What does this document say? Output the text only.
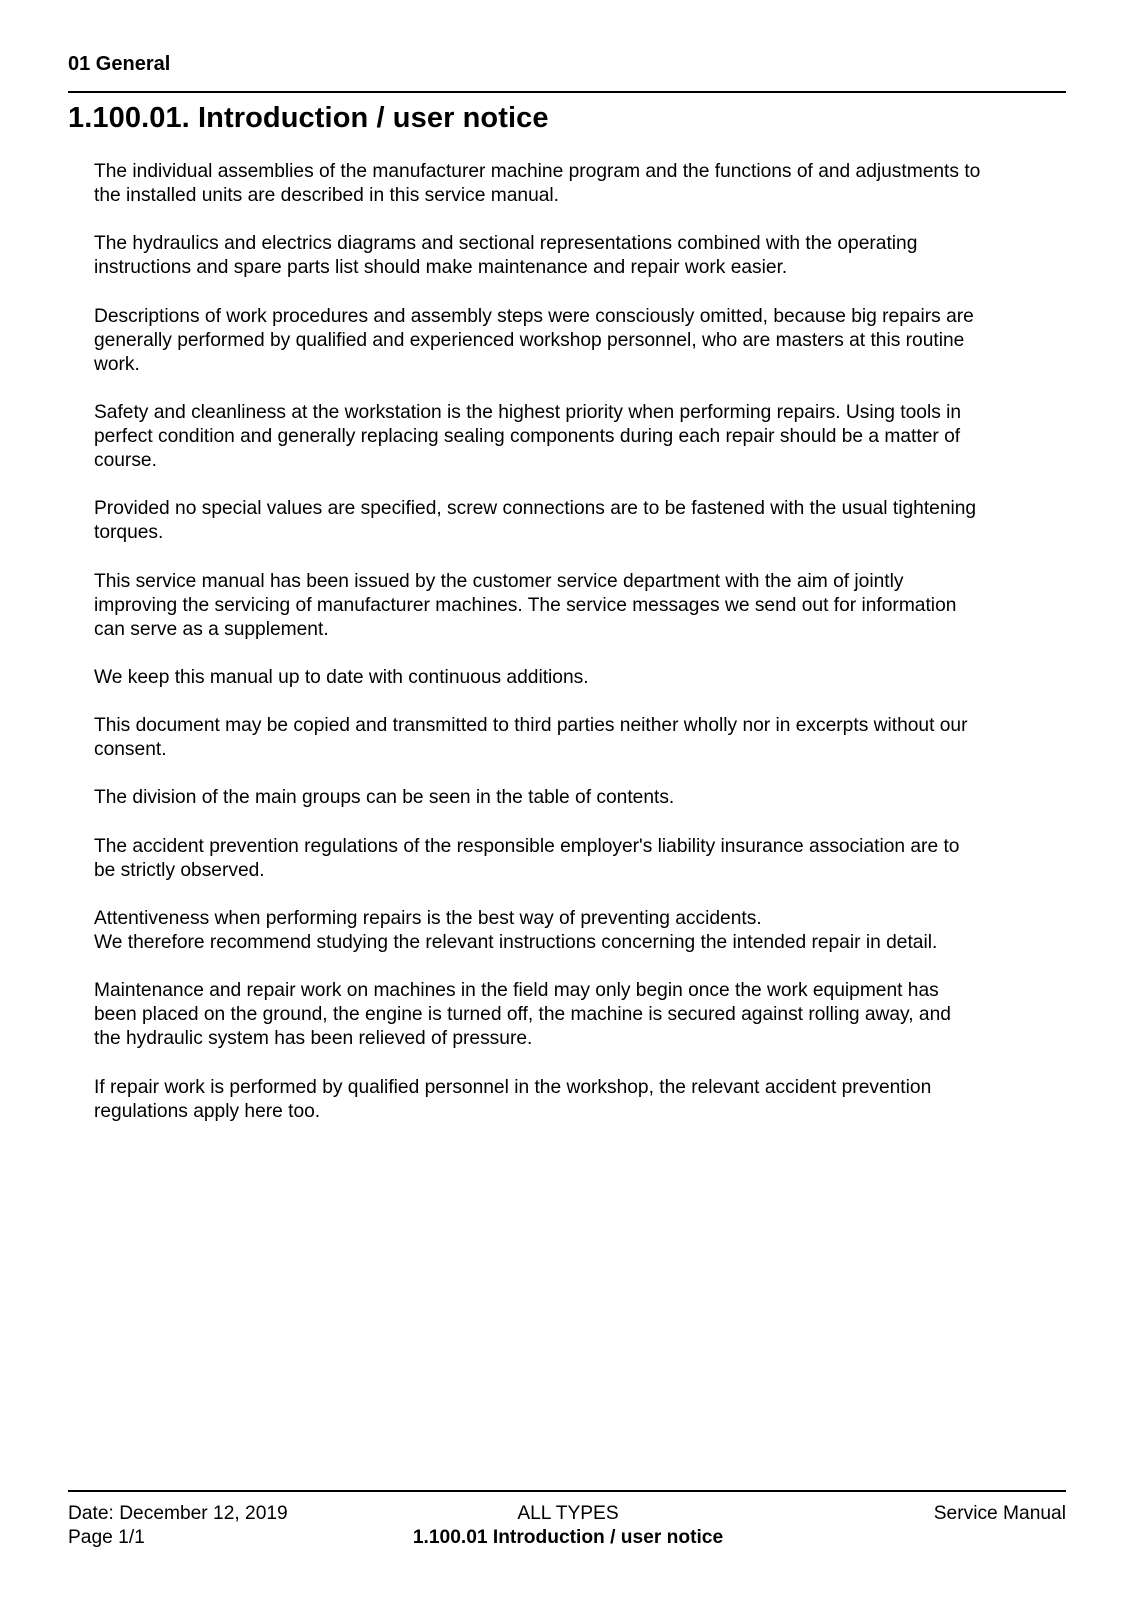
01 General
1.100.01. Introduction / user notice

The individual assemblies of the manufacturer machine program and the functions of and adjustments to
the installed units are described in this service manual.

The hydraulics and electrics diagrams and sectional representations combined with the operating
instructions and spare parts list should make maintenance and repair work easier.

Descriptions of work procedures and assembly steps were consciously omitted, because big repairs are
generally performed by qualified and experienced workshop personnel, who are masters at this routine
work.

Safety and cleanliness at the workstation is the highest priority when performing repairs. Using tools in
perfect condition and generally replacing sealing components during each repair should be a matter of
course.

Provided no special values are specified, screw connections are to be fastened with the usual tightening
torques.

This service manual has been issued by the customer service department with the aim of jointly
improving the servicing of manufacturer machines. The service messages we send out for information
can serve as a supplement.

We keep this manual up to date with continuous additions.

This document may be copied and transmitted to third parties neither wholly nor in excerpts without our
consent.

The division of the main groups can be seen in the table of contents.

The accident prevention regulations of the responsible employer's liability insurance association are to
be strictly observed.

Attentiveness when performing repairs is the best way of preventing accidents.
We therefore recommend studying the relevant instructions concerning the intended repair in detail.

Maintenance and repair work on machines in the field may only begin once the work equipment has
been placed on the ground, the engine is turned off, the machine is secured against rolling away, and
the hydraulic system has been relieved of pressure.

If repair work is performed by qualified personnel in the workshop, the relevant accident prevention
regulations apply here too.

Date: December 12, 2019
Page 1/1
ALL TYPES
1.100.01 Introduction / user notice
Service Manual
